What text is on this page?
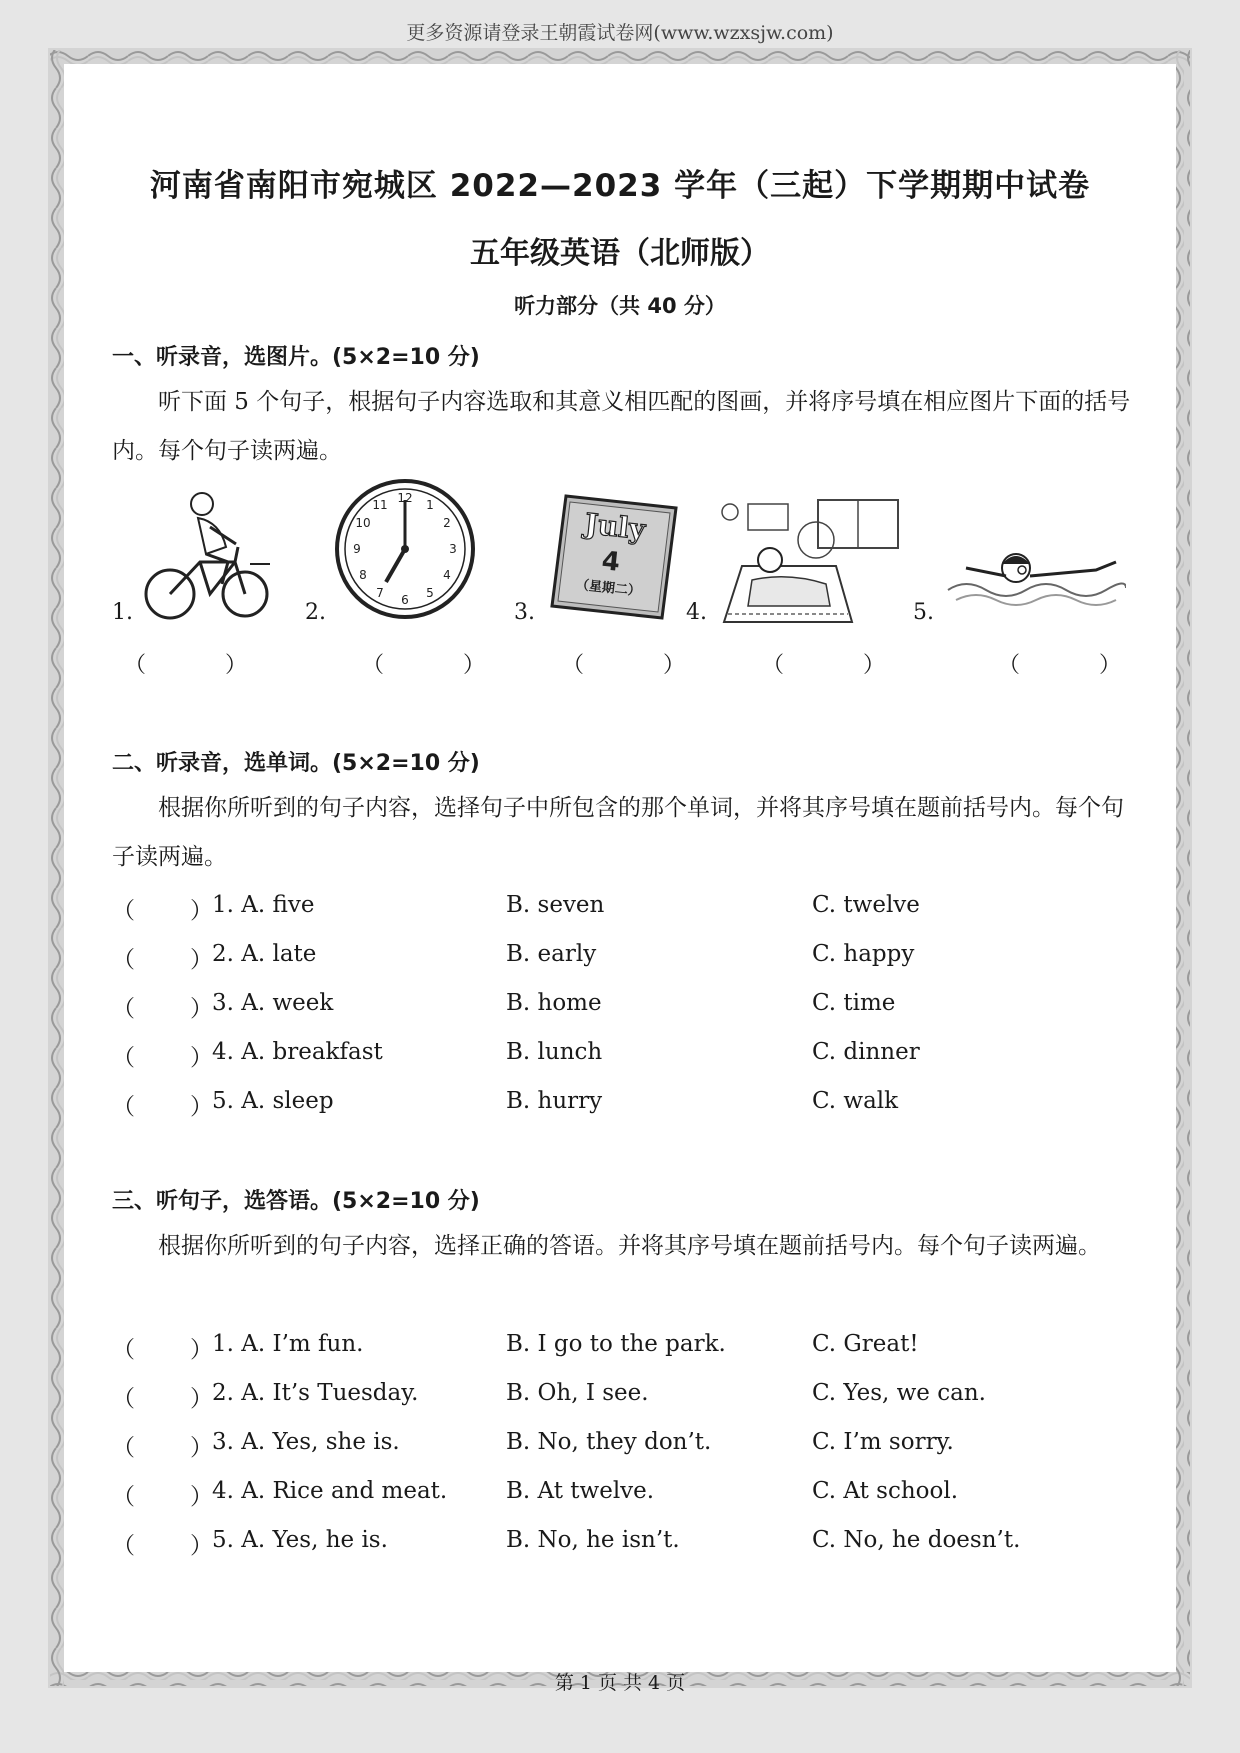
更多资源请登录王朝霞试卷网(www.wzxsjw.com)
河南省南阳市宛城区 2022—2023 学年（三起）下学期期中试卷
五年级英语（北师版）
听力部分（共 40 分）
一、听录音，选图片。(5×2=10 分)
听下面 5 个句子，根据句子内容选取和其意义相匹配的图画，并将序号填在相应图片下面的括号内。每个句子读两遍。
1.
（ ）
2.
12 1
2
3
4
5
6
7
8
9
10
11
（ ）
3.
July
4
（星期二）
（ ）
4.
（ ）
5.
（ ）
二、听录音，选单词。(5×2=10 分)
根据你所听到的句子内容，选择句子中所包含的那个单词，并将其序号填在题前括号内。每个句子读两遍。
（ ） 1. A. five	B. seven	C. twelve
（ ） 2. A. late	B. early	C. happy
（ ） 3. A. week	B. home	C. time
（ ） 4. A. breakfast	B. lunch	C. dinner
（ ） 5. A. sleep	B. hurry	C. walk
三、听句子，选答语。(5×2=10 分)
根据你所听到的句子内容，选择正确的答语。并将其序号填在题前括号内。每个句子读两遍。
（ ） 1. A. I’m fun.	B. I go to the park.	C. Great!
（ ） 2. A. It’s Tuesday.	B. Oh, I see.	C. Yes, we can.
（ ） 3. A. Yes, she is.	B. No, they don’t.	C. I’m sorry.
（ ） 4. A. Rice and meat.	B. At twelve.	C. At school.
（ ） 5. A. Yes, he is.	B. No, he isn’t.	C. No, he doesn’t.
第 1 页 共 4 页
